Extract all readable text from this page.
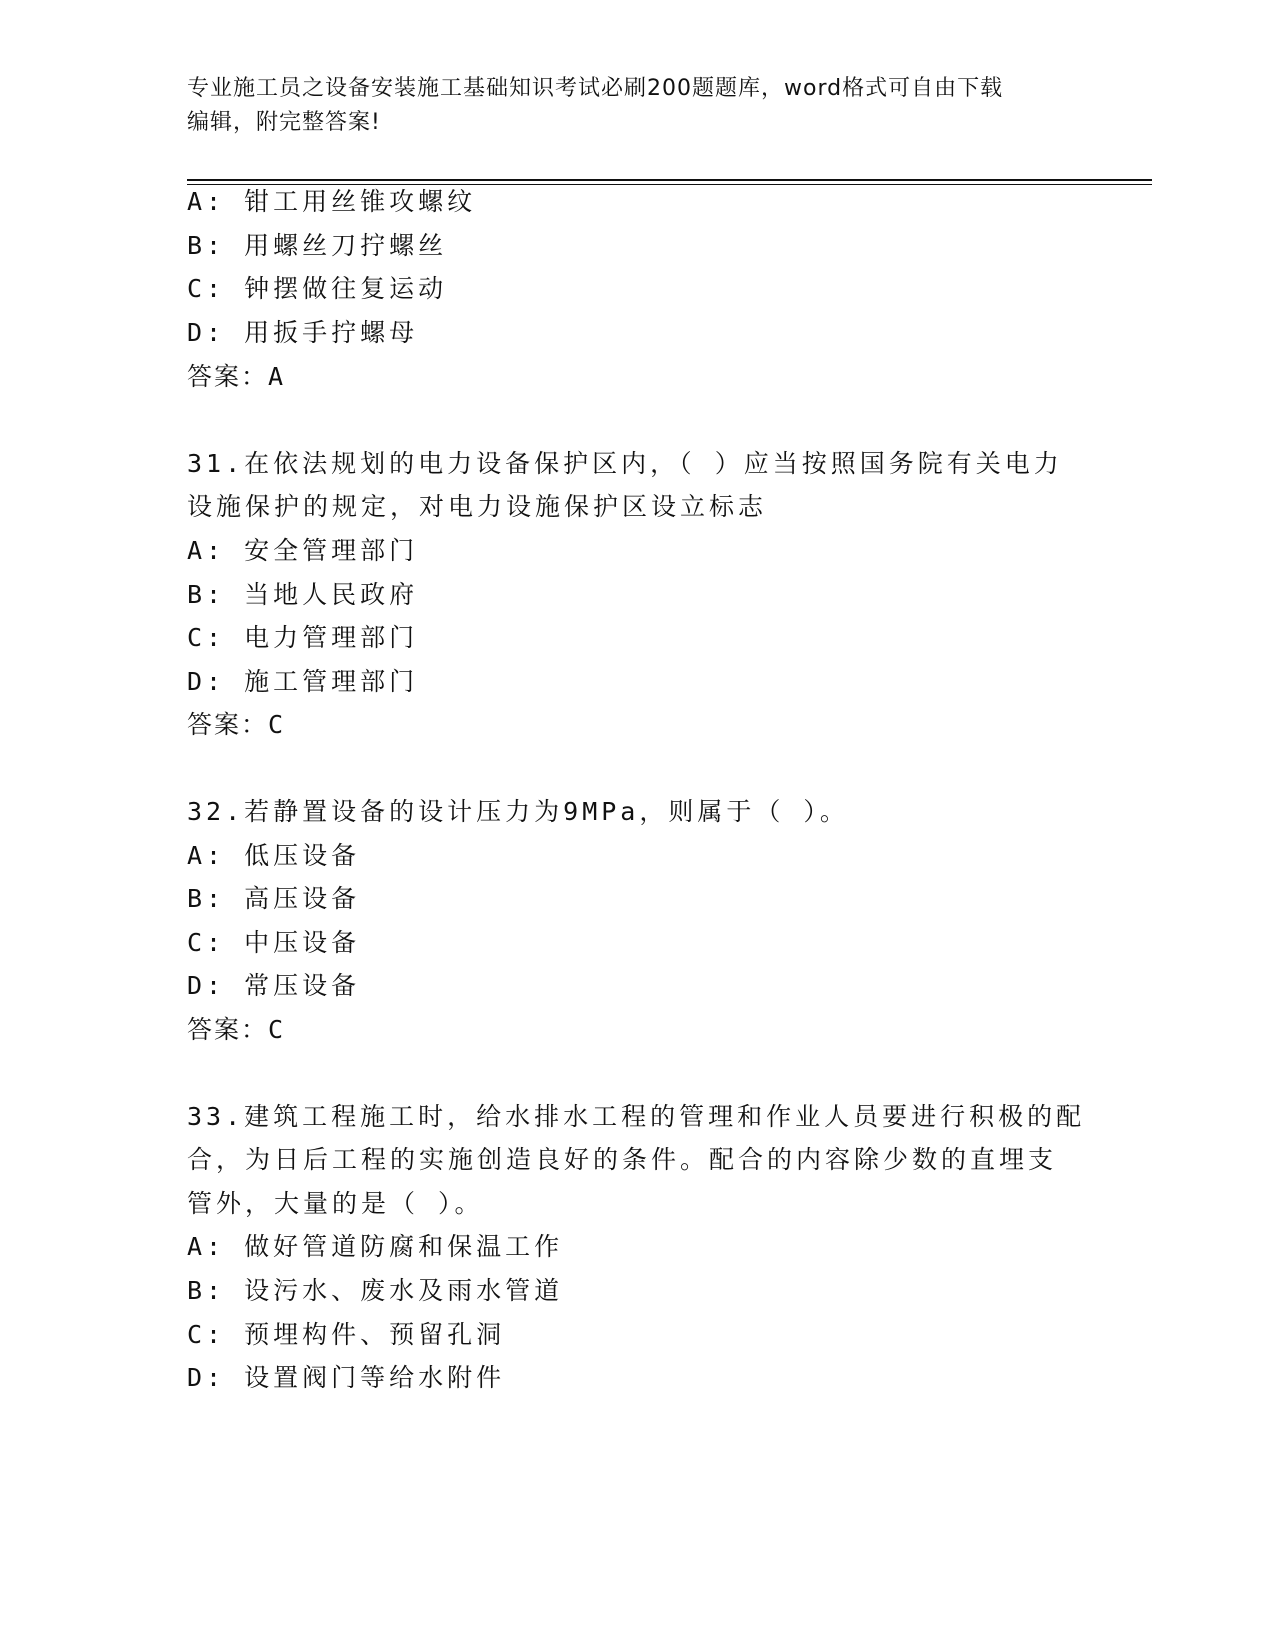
专业施工员之设备安装施工基础知识考试必刷200题题库，word格式可自由下载
编辑，附完整答案!
A: 钳工用丝锥攻螺纹
B: 用螺丝刀拧螺丝
C: 钟摆做往复运动
D: 用扳手拧螺母
答案：A
31.在依法规划的电力设备保护区内，（ ）应当按照国务院有关电力
设施保护的规定，对电力设施保护区设立标志
A: 安全管理部门
B: 当地人民政府
C: 电力管理部门
D: 施工管理部门
答案：C
32.若静置设备的设计压力为9MPa，则属于（ ）。
A: 低压设备
B: 高压设备
C: 中压设备
D: 常压设备
答案：C
33.建筑工程施工时，给水排水工程的管理和作业人员要进行积极的配
合，为日后工程的实施创造良好的条件。配合的内容除少数的直埋支
管外，大量的是（ ）。
A: 做好管道防腐和保温工作
B: 设污水、废水及雨水管道
C: 预埋构件、预留孔洞
D: 设置阀门等给水附件
